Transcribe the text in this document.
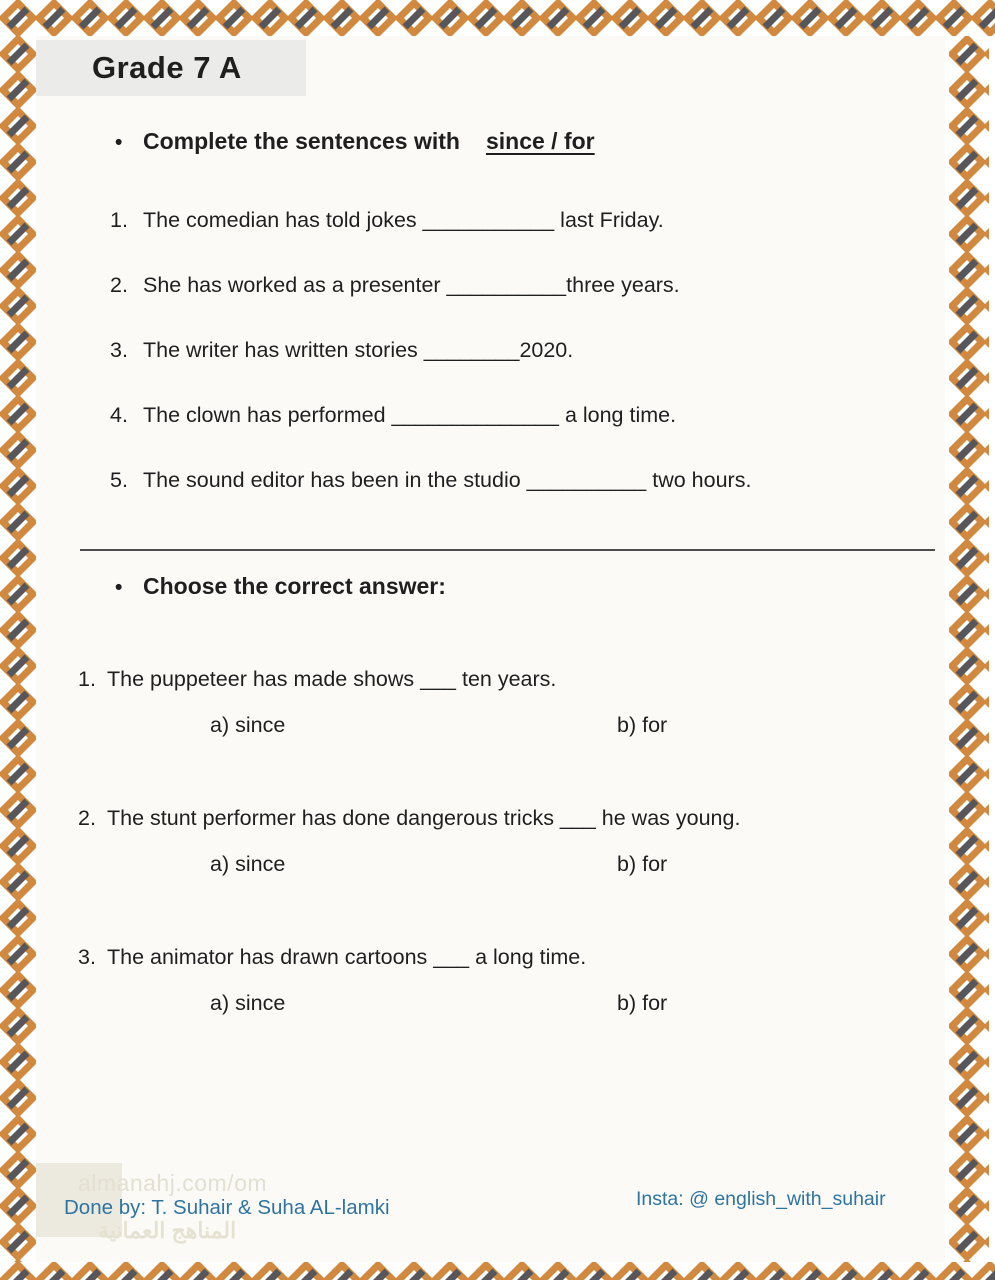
Grade 7 A
• Complete the sentences with since / for
1. The comedian has told jokes ___________ last Friday.
2. She has worked as a presenter __________three years.
3. The writer has written stories ________2020.
4. The clown has performed ______________ a long time.
5. The sound editor has been in the studio __________ two hours.
• Choose the correct answer:
1. The puppeteer has made shows ___ ten years.
a) since	b) for
2. The stunt performer has done dangerous tricks ___ he was young.
a) since	b) for
3. The animator has drawn cartoons ___ a long time.
a) since	b) for
almanahj.com/om
المناهج العمانية
Done by: T. Suhair & Suha AL-lamki	Insta: @ english_with_suhair
